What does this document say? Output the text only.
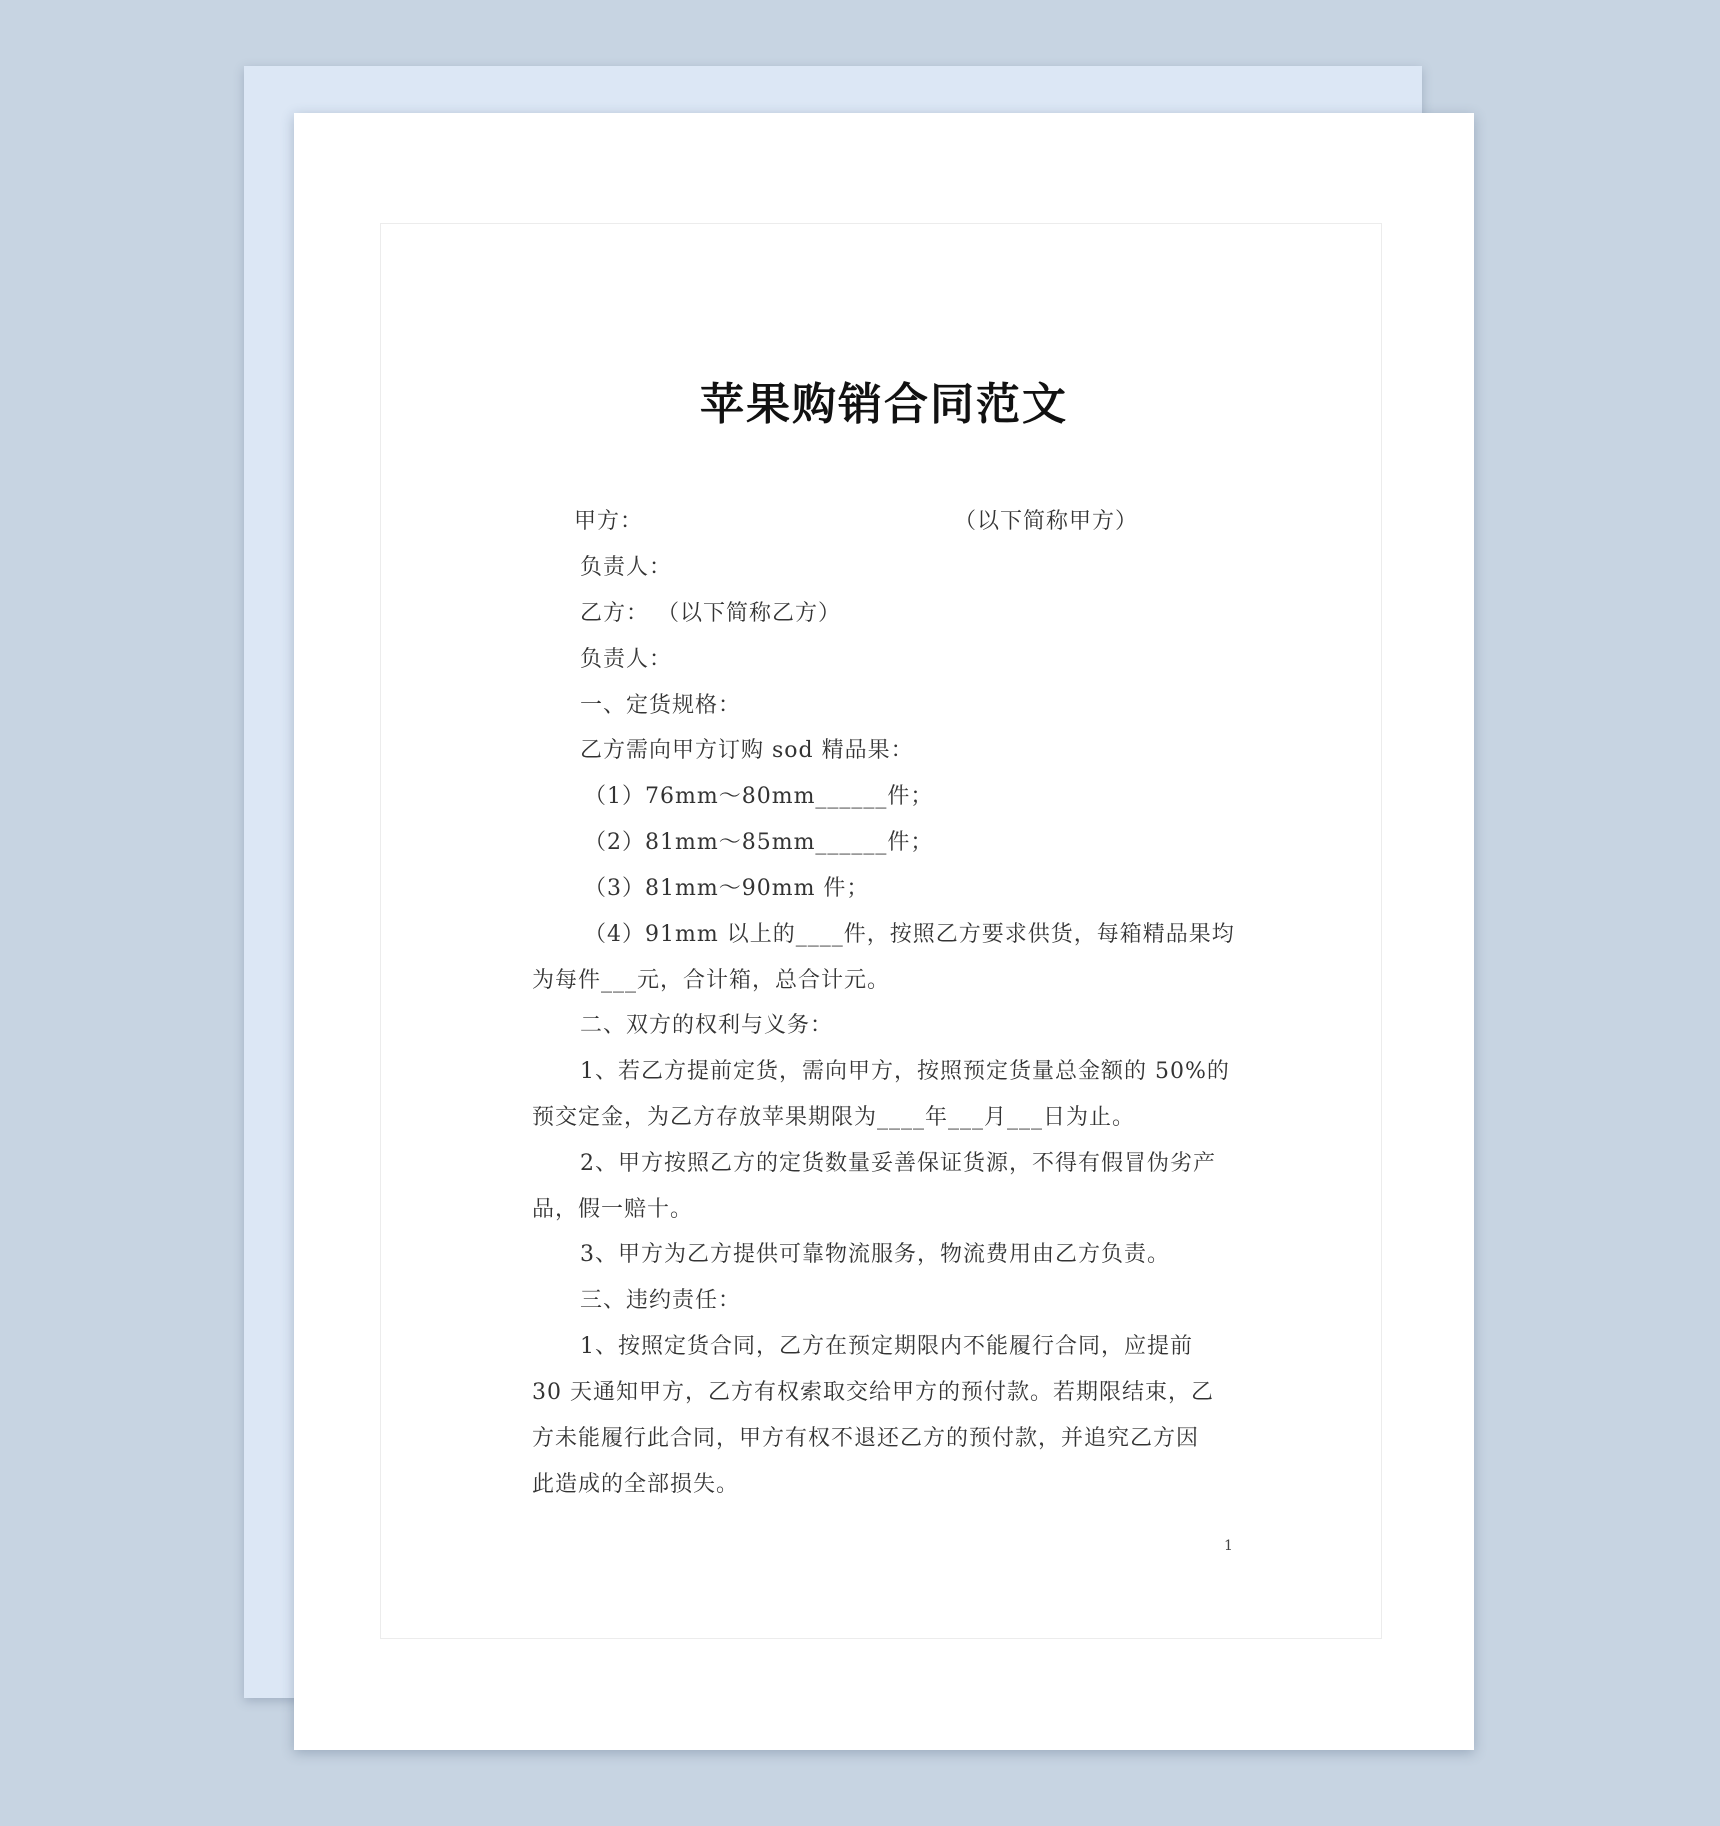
苹果购销合同范文
甲方：	（以下简称甲方）
负责人：
乙方： （以下简称乙方）
负责人：
一、定货规格：
乙方需向甲方订购 sod 精品果：
（1）76mm～80mm______件；
（2）81mm～85mm______件；
（3）81mm～90mm 件；
（4）91mm 以上的____件，按照乙方要求供货，每箱精品果均
为每件___元，合计箱，总合计元。
二、双方的权利与义务：
1、若乙方提前定货，需向甲方，按照预定货量总金额的 50%的
预交定金，为乙方存放苹果期限为____年___月___日为止。
2、甲方按照乙方的定货数量妥善保证货源，不得有假冒伪劣产
品，假一赔十。
3、甲方为乙方提供可靠物流服务，物流费用由乙方负责。
三、违约责任：
1、按照定货合同，乙方在预定期限内不能履行合同，应提前
30 天通知甲方，乙方有权索取交给甲方的预付款。若期限结束，乙
方未能履行此合同，甲方有权不退还乙方的预付款，并追究乙方因
此造成的全部损失。
1
